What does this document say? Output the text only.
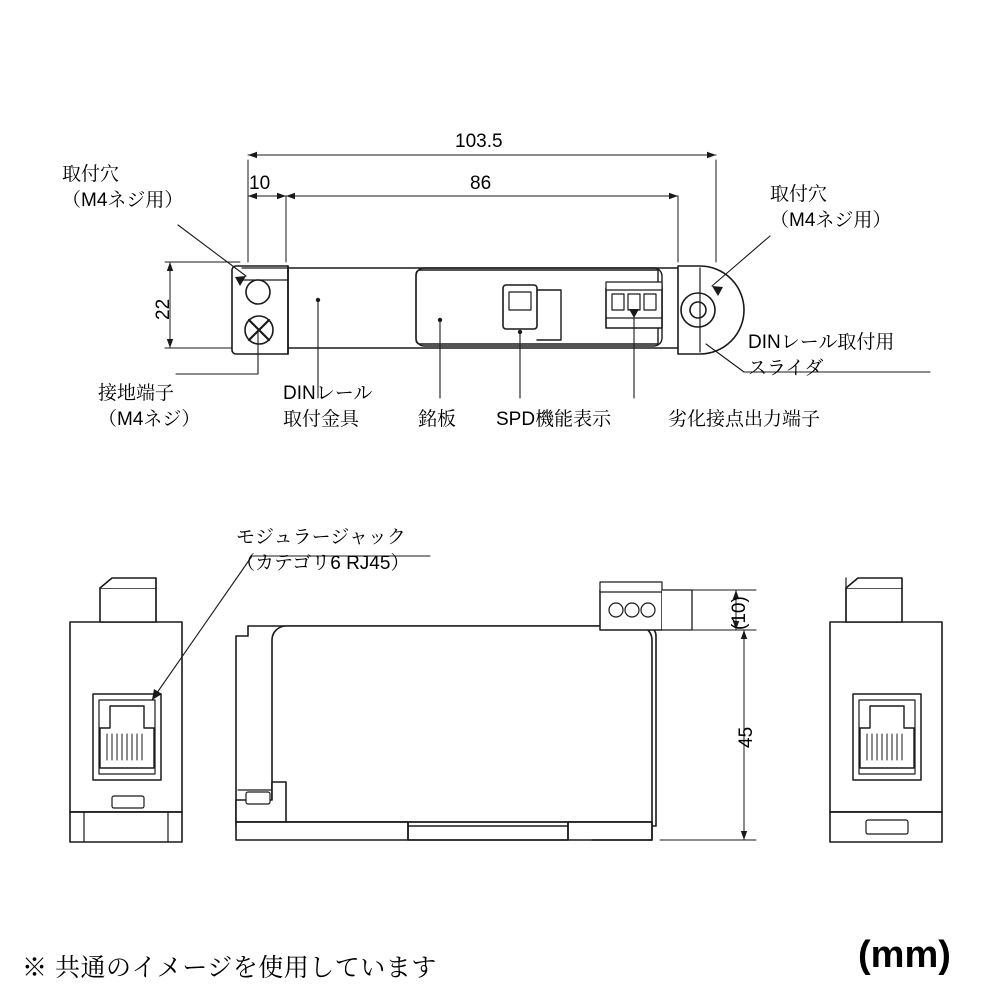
103.5
10	86
22
(10)
45
取付穴
（M4ネジ用）	取付穴
（M4ネジ用）
DINレール取付用
スライダ
接地端子
（M4ネジ）
DINレール
取付金具	銘板 SPD機能表示	劣化接点出力端子
モジュラージャック
（カテゴリ6 RJ45）
※ 共通のイメージを使用しています	(mm)
